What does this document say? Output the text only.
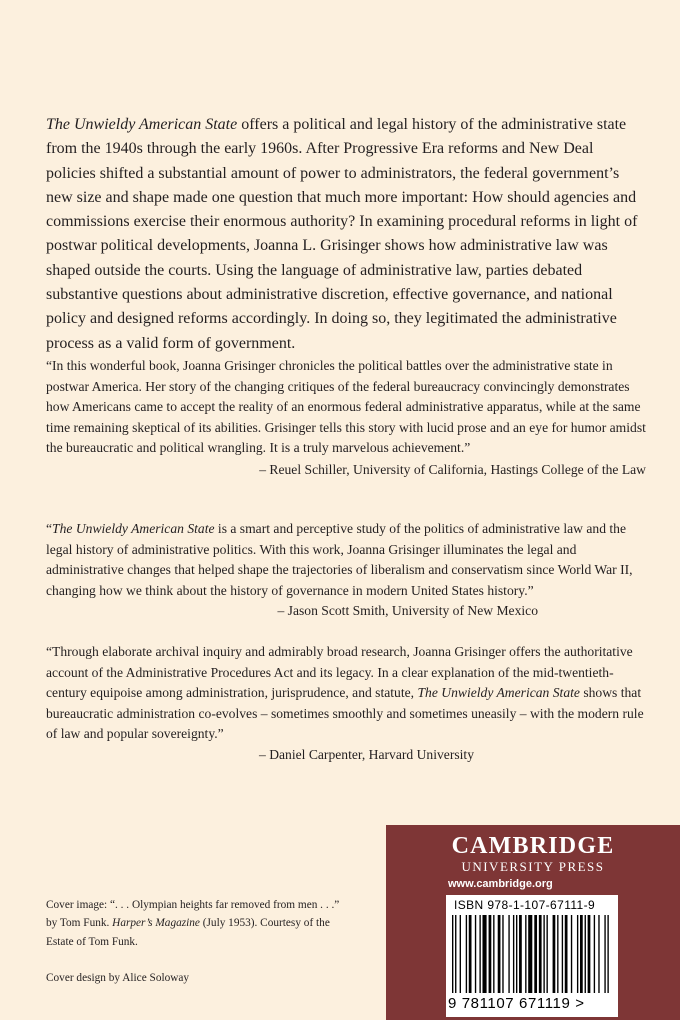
The Unwieldy American State offers a political and legal history of the administrative state from the 1940s through the early 1960s. After Progressive Era reforms and New Deal policies shifted a substantial amount of power to administrators, the federal government’s new size and shape made one question that much more important: How should agencies and commissions exercise their enormous authority? In examining procedural reforms in light of postwar political developments, Joanna L. Grisinger shows how administrative law was shaped outside the courts. Using the language of administrative law, parties debated substantive questions about administrative discretion, effective governance, and national policy and designed reforms accordingly. In doing so, they legitimated the administrative process as a valid form of government.

“In this wonderful book, Joanna Grisinger chronicles the political battles over the administrative state in postwar America. Her story of the changing critiques of the federal bureaucracy convincingly demonstrates how Americans came to accept the reality of an enormous federal administrative apparatus, while at the same time remaining skeptical of its abilities. Grisinger tells this story with lucid prose and an eye for humor amidst the bureaucratic and political wrangling. It is a truly marvelous achievement.”

– Reuel Schiller, University of California, Hastings College of the Law

“The Unwieldy American State is a smart and perceptive study of the politics of administrative law and the legal history of administrative politics. With this work, Joanna Grisinger illuminates the legal and administrative changes that helped shape the trajectories of liberalism and conservatism since World War II, changing how we think about the history of governance in modern United States history.”

– Jason Scott Smith, University of New Mexico

“Through elaborate archival inquiry and admirably broad research, Joanna Grisinger offers the authoritative account of the Administrative Procedures Act and its legacy. In a clear explanation of the mid-twentieth-century equipoise among administration, jurisprudence, and statute, The Unwieldy American State shows that bureaucratic administration co-evolves – sometimes smoothly and sometimes uneasily – with the modern rule of law and popular sovereignty.”

– Daniel Carpenter, Harvard University

Cover image: “. . . Olympian heights far removed from men . . .” by Tom Funk. Harper’s Magazine (July 1953). Courtesy of the Estate of Tom Funk.

Cover design by Alice Soloway

CAMBRIDGE
UNIVERSITY PRESS
www.cambridge.org
ISBN 978-1-107-67111-9
9 781107 671119 >
